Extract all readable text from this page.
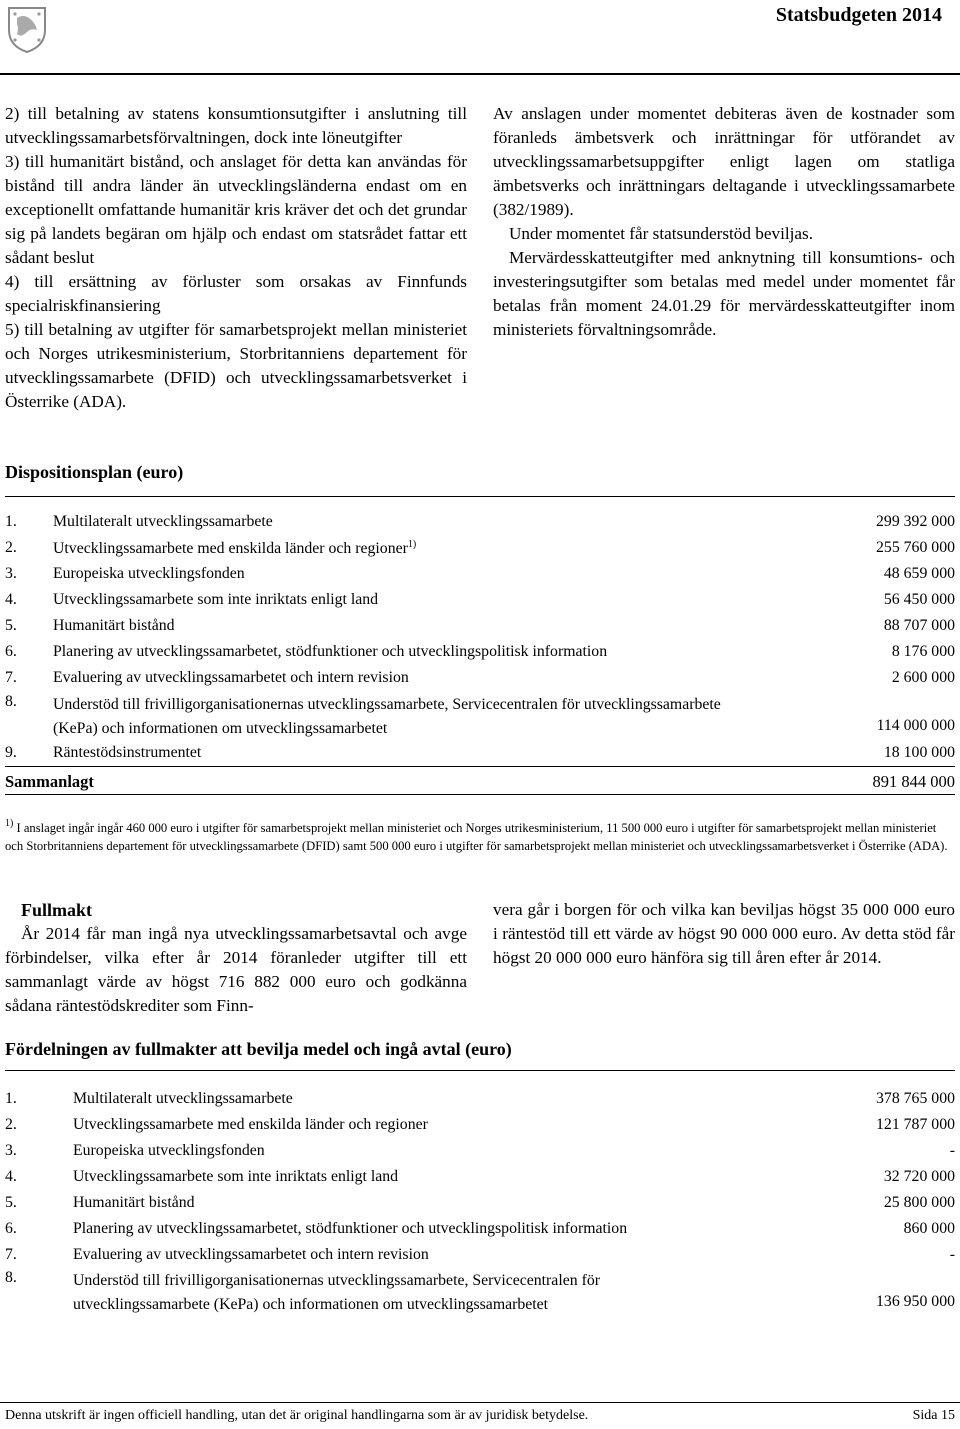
Statsbudgeten 2014

2) till betalning av statens konsumtionsutgifter i anslutning till utvecklingssamarbetsförvaltningen, dock inte löneutgifter

3) till humanitärt bistånd, och anslaget för detta kan användas för bistånd till andra länder än utvecklingsländerna endast om en exceptionellt omfattande humanitär kris kräver det och det grundar sig på landets begäran om hjälp och endast om statsrådet fattar ett sådant beslut

4) till ersättning av förluster som orsakas av Finnfunds specialriskfinansiering

5) till betalning av utgifter för samarbetsprojekt mellan ministeriet och Norges utrikesministerium, Storbritanniens departement för utvecklingssamarbete (DFID) och utvecklingssamarbetsverket i Österrike (ADA).

Av anslagen under momentet debiteras även de kostnader som föranleds ämbetsverk och inrättningar för utförandet av utvecklingssamarbetsuppgifter enligt lagen om statliga ämbetsverks och inrättningars deltagande i utvecklingssamarbete (382/1989).

Under momentet får statsunderstöd beviljas.

Mervärdesskatteutgifter med anknytning till konsumtions- och investeringsutgifter som betalas med medel under momentet får betalas från moment 24.01.29 för mervärdesskatteutgifter inom ministeriets förvaltningsområde.

Dispositionsplan (euro)
1. Multilateralt utvecklingssamarbete	299 392 000
2. Utvecklingssamarbete med enskilda länder och regioner$^{1)}$	255 760 000
3. Europeiska utvecklingsfonden	48 659 000
4. Utvecklingssamarbete som inte inriktats enligt land	56 450 000
5. Humanitärt bistånd	88 707 000
6. Planering av utvecklingssamarbetet, stödfunktioner och utvecklingspolitisk information	8 176 000
7. Evaluering av utvecklingssamarbetet och intern revision	2 600 000
8. Understöd till frivilligorganisationernas utvecklingssamarbete, Servicecentralen för utvecklingssamarbete (KePa) och informationen om utvecklingssamarbetet	114 000 000
9. Räntestödsinstrumentet	18 100 000
Sammanlagt	891 844 000
$^{1)}$ I anslaget ingår ingår 460 000 euro i utgifter för samarbetsprojekt mellan ministeriet och Norges utrikesministerium, 11 500 000 euro i utgifter för samarbetsprojekt mellan ministeriet och Storbritanniens departement för utvecklingssamarbete (DFID) samt 500 000 euro i utgifter för samarbetsprojekt mellan ministeriet och utvecklingssamarbetsverket i Österrike (ADA).
Fullmakt
År 2014 får man ingå nya utvecklingssamarbetsavtal och avge förbindelser, vilka efter år 2014 föranleder utgifter till ett sammanlagt värde av högst 716 882 000 euro och godkänna sådana räntestödskrediter som Finn-
vera går i borgen för och vilka kan beviljas högst 35 000 000 euro i räntestöd till ett värde av högst 90 000 000 euro. Av detta stöd får högst 20 000 000 euro hänföra sig till åren efter år 2014.
Fördelningen av fullmakter att bevilja medel och ingå avtal (euro)
1.	Multilateralt utvecklingssamarbete	378 765 000
2.	Utvecklingssamarbete med enskilda länder och regioner	121 787 000
3.	Europeiska utvecklingsfonden	-
4.	Utvecklingssamarbete som inte inriktats enligt land	32 720 000
5.	Humanitärt bistånd	25 800 000
6.	Planering av utvecklingssamarbetet, stödfunktioner och utvecklingspolitisk information	860 000
7.	Evaluering av utvecklingssamarbetet och intern revision	-
8.	Understöd till frivilligorganisationernas utvecklingssamarbete, Servicecentralen för utvecklingssamarbete (KePa) och informationen om utvecklingssamarbetet	136 950 000
Denna utskrift är ingen officiell handling, utan det är original handlingarna som är av juridisk betydelse.	Sida 15
